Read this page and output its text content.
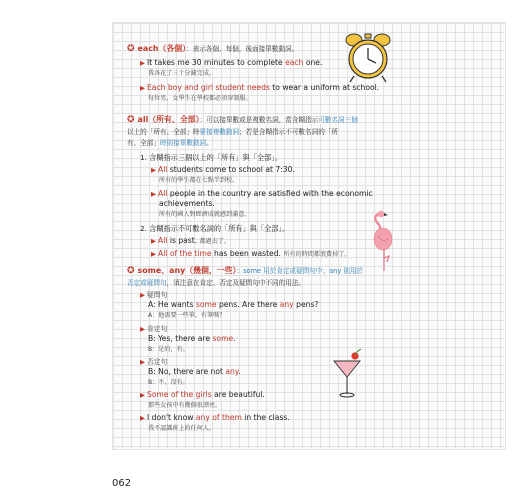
✪ each（各個）：表示各個、每個，後面接單數動詞。
▶ It takes me 30 minutes to complete each one.
我各花了三十分鐘完成。
▶ Each boy and girl student needs to wear a uniform at school.
每位男、女學生在學校都必須穿制服。
✪ all（所有、全部）：可以接單數或是複數名詞，當含糊指示可數名詞三個
以上的「所有、全部」時要接複數動詞；若是含糊指示不可數名詞的「所
有、全部」時則接單數動詞。
1. 含糊指示三個以上的「所有」與「全部」。
▶ All students come to school at 7:30.
所有的學生都在七點半到校。
▶ All people in the country are satisfied with the economic
achievements.
所有的國人對經濟成就感到滿意。
2. 含糊指示不可數名詞的「所有」與「全部」。
▶ All is past. 都過去了。
▶ All of the time has been wasted. 所有的時間都浪費掉了。
✪ some、any（幾個，一些）：some 用於肯定或疑問句中；any 則用於
否定或疑問句，須注意在肯定、否定及疑問句中不同的用法。
▶ 疑問句
A: He wants some pens. Are there any pens?
A：他需要一些筆，有筆嗎？
▶ 肯定句
B: Yes, there are some.
B：是的，有。
▶ 否定句
B: No, there are not any.
B：不，沒有。
▶ Some of the girls are beautiful.
那些女孩中有幾個很漂亮。
▶ I don't know any of them in the class.
我不認識班上的任何人。
062
